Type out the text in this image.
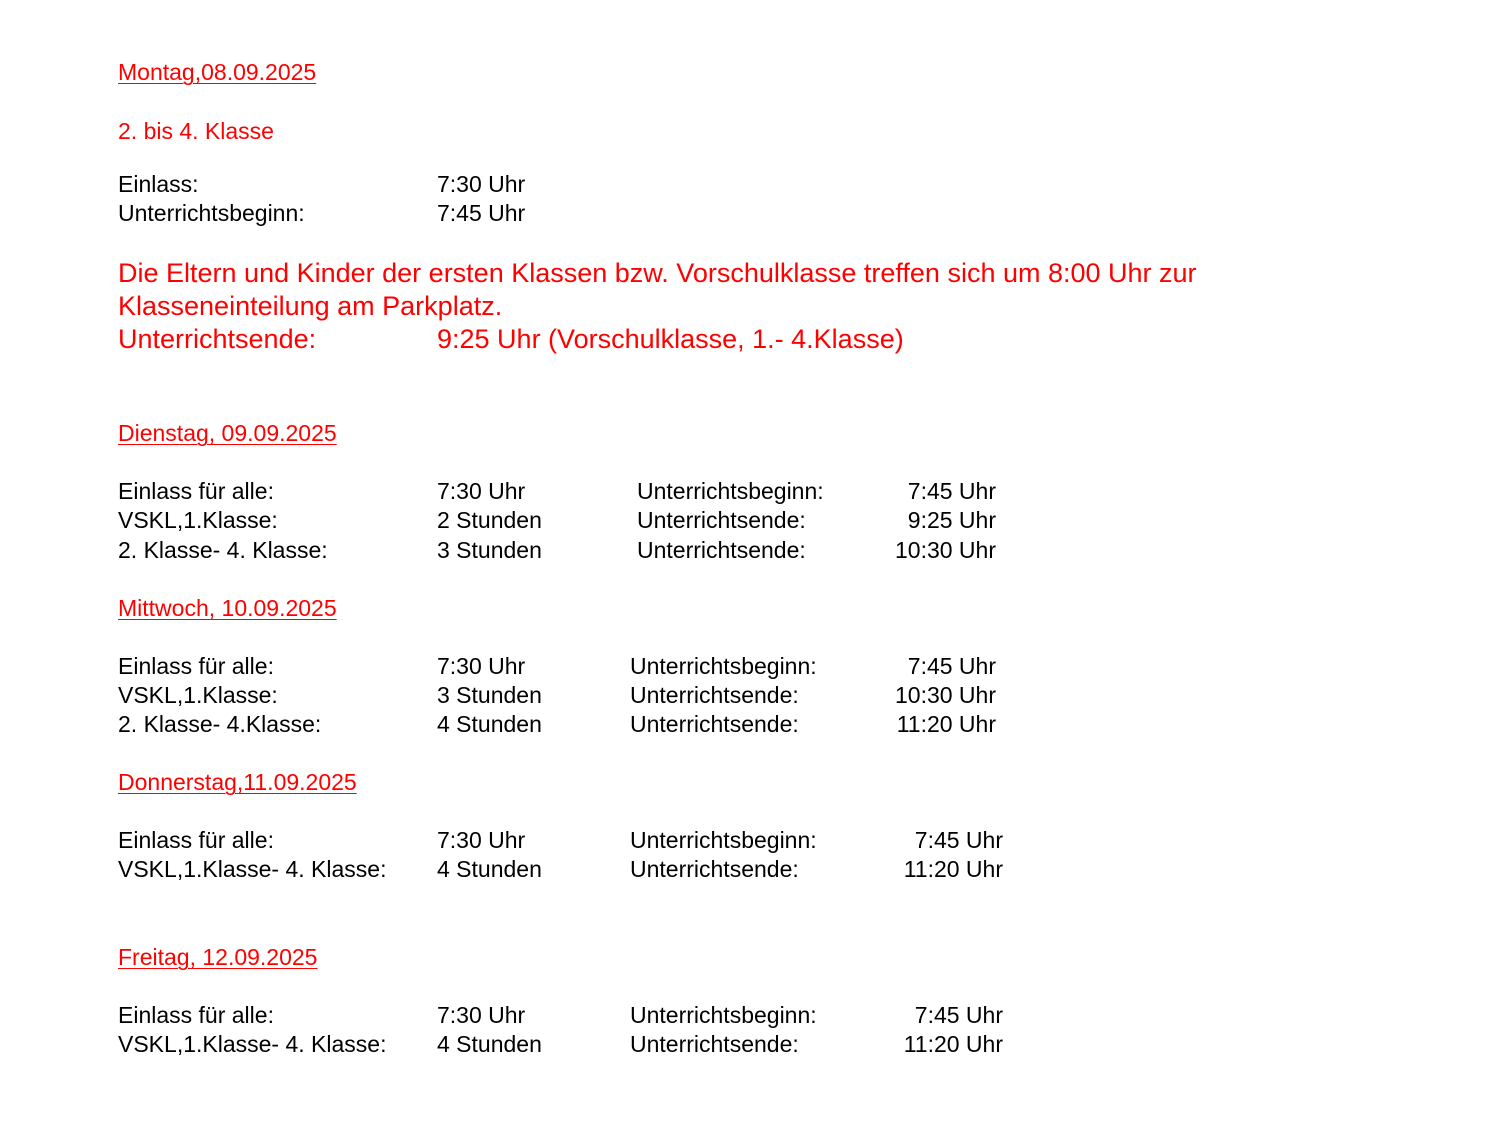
Montag,08.09.2025
2. bis 4. Klasse
Einlass:	7:30 Uhr
Unterrichtsbeginn:	7:45 Uhr
Die Eltern und Kinder der ersten Klassen bzw. Vorschulklasse treffen sich um 8:00 Uhr zur
Klasseneinteilung am Parkplatz.
Unterrichtsende:	9:25 Uhr (Vorschulklasse, 1.- 4.Klasse)
Dienstag, 09.09.2025
Einlass für alle:	7:30 Uhr	Unterrichtsbeginn:	7:45 Uhr
VSKL,1.Klasse:	2 Stunden	Unterrichtsende:	9:25 Uhr
2. Klasse- 4. Klasse:	3 Stunden	Unterrichtsende:	10:30 Uhr
Mittwoch, 10.09.2025
Einlass für alle:	7:30 Uhr	Unterrichtsbeginn:	7:45 Uhr
VSKL,1.Klasse:	3 Stunden	Unterrichtsende:	10:30 Uhr
2. Klasse- 4.Klasse:	4 Stunden	Unterrichtsende:	11:20 Uhr
Donnerstag,11.09.2025
Einlass für alle:	7:30 Uhr	Unterrichtsbeginn:	7:45 Uhr
VSKL,1.Klasse- 4. Klasse: 4 Stunden	Unterrichtsende:	11:20 Uhr
Freitag, 12.09.2025
Einlass für alle:	7:30 Uhr	Unterrichtsbeginn:	7:45 Uhr
VSKL,1.Klasse- 4. Klasse: 4 Stunden	Unterrichtsende:	11:20 Uhr
